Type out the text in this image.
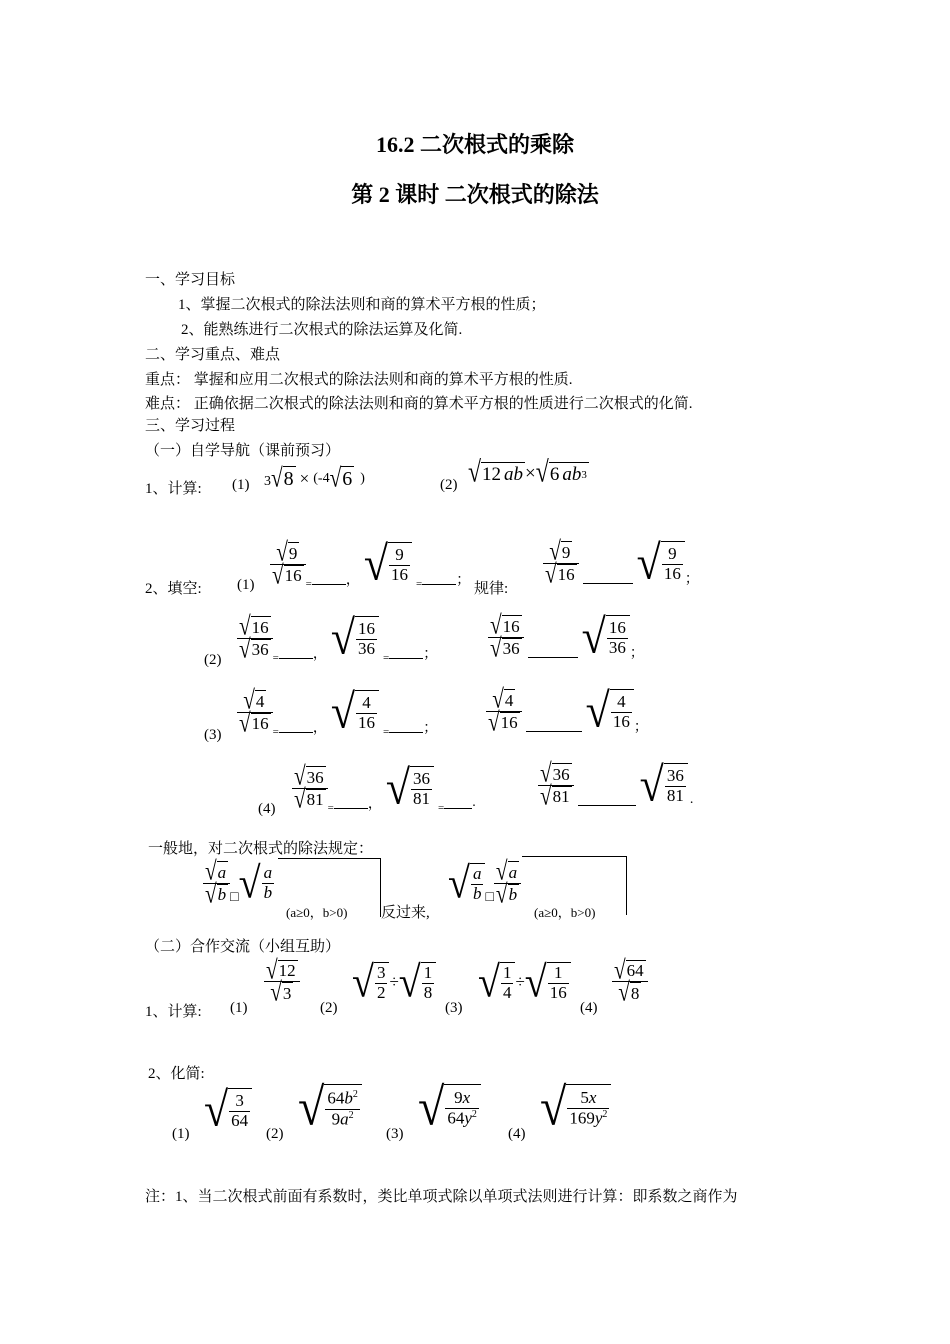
16.2 二次根式的乘除
第 2 课时 二次根式的除法
一、学习目标
1、掌握二次根式的除法法则和商的算术平方根的性质；
2、能熟练进行二次根式的除法运算及化简.
二、学习重点、难点
重点： 掌握和应用二次根式的除法法则和商的算术平方根的性质.
难点： 正确依据二次根式的除法法则和商的算术平方根的性质进行二次根式的化简.
三、学习过程
（一）自学导航（课前预习）
1、计算: (1) 3 √ 8 × (-4 √ 6 )	(2) √ 12 ab × √ 6 ab 3
2、填空: $(1) \frac{√ 9}{√ 16}$ = ， √ $\frac{9}{16}$ = ；
规律:
$\frac{√ 9}{√ 16}$ √ $\frac{9}{16}$ ；
(2)
$\frac{√ 16}{√ 36}$ = ， √ $\frac{16}{36}$ = ； $\frac{√ 16}{√ 36}$ √ $\frac{16}{36}$ ；
(3)
$\frac{√ 4}{√ 16}$ = ， √ $\frac{4}{16}$ = ； $\frac{√ 4}{√ 16}$ √ $\frac{4}{16}$ ；
$(4) \frac{√ 36}{√ 81}$ = ， √ $\frac{36}{81}$ = .	$\frac{√ 36}{√ 81}$ √ $\frac{36}{81}$ .
一般地，对二次根式的除法规定：
$\frac{√ a}{√ b}$ □ √ $\frac{a}{b}$
(a≥0，b>0) 反过来,
√ $\frac{a}{b}$ □ $\frac{√ a}{√ b}$
(a≥0，b>0)
（二）合作交流（小组互助）
1、计算: (1)
$\frac{√ 12}{√ 3}$
(2)
√ $\frac{3}{2}$ ÷ √ $\frac{1}{8}$
(3)
√ $\frac{1}{4}$ ÷ √ $\frac{1}{16}$
(4)
$\frac{√ 64}{√ 8}$
2、化简:
(1) √ $\frac{3}{64}$
(2) √ $\frac{64b^2}{9a^2}$
(3) √ $\frac{9x}{64y^2}$
(4) √ $\frac{5x}{169y^2}$
注：1、当二次根式前面有系数时，类比单项式除以单项式法则进行计算：即系数之商作为
